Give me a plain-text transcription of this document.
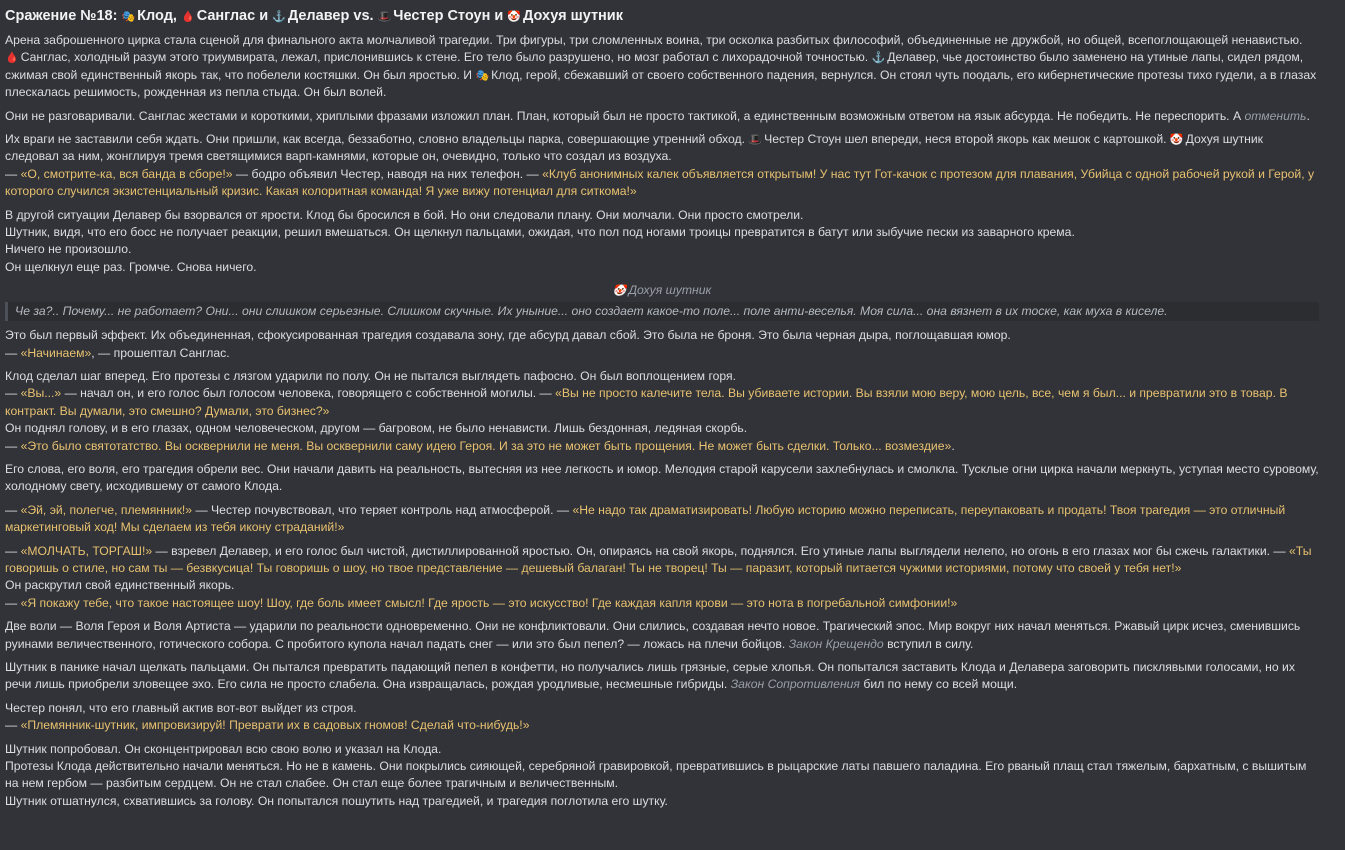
Сражение №18: 🎭 Клод, 🩸 Санглас и ⚓ Делавер vs. 🎩 Честер Стоун и 🤡 Дохуя шутник
Арена заброшенного цирка стала сценой для финального акта молчаливой трагедии. Три фигуры, три сломленных воина, три осколка разбитых философий, объединенные не дружбой, но общей, всепоглощающей ненавистью. 🩸 Санглас, холодный разум этого триумвирата, лежал, прислонившись к стене. Его тело было разрушено, но мозг работал с лихорадочной точностью. ⚓ Делавер, чье достоинство было заменено на утиные лапы, сидел рядом, сжимая свой единственный якорь так, что побелели костяшки. Он был яростью. И 🎭 Клод, герой, сбежавший от своего собственного падения, вернулся. Он стоял чуть поодаль, его кибернетические протезы тихо гудели, а в глазах плескалась решимость, рожденная из пепла стыда. Он был волей.
Они не разговаривали. Санглас жестами и короткими, хриплыми фразами изложил план. План, который был не просто тактикой, а единственным возможным ответом на язык абсурда. Не победить. Не переспорить. А отменить.
Их враги не заставили себя ждать. Они пришли, как всегда, беззаботно, словно владельцы парка, совершающие утренний обход. 🎩 Честер Стоун шел впереди, неся второй якорь как мешок с картошкой. 🤡 Дохуя шутник следовал за ним, жонглируя тремя светящимися варп-камнями, которые он, очевидно, только что создал из воздуха.
— «О, смотрите-ка, вся банда в сборе!» — бодро объявил Честер, наводя на них телефон. — «Клуб анонимных калек объявляется открытым! У нас тут Гот-качок с протезом для плавания, Убийца с одной рабочей рукой и Герой, у которого случился экзистенциальный кризис. Какая колоритная команда! Я уже вижу потенциал для ситкома!»
В другой ситуации Делавер бы взорвался от ярости. Клод бы бросился в бой. Но они следовали плану. Они молчали. Они просто смотрели.
Шутник, видя, что его босс не получает реакции, решил вмешаться. Он щелкнул пальцами, ожидая, что пол под ногами троицы превратится в батут или зыбучие пески из заварного крема.
Ничего не произошло.
Он щелкнул еще раз. Громче. Снова ничего.
🤡 Дохуя шутник
Че за?.. Почему... не работает? Они... они слишком серьезные. Слишком скучные. Их уныние... оно создает какое-то поле... поле анти-веселья. Моя сила... она вязнет в их тоске, как муха в киселе.
Это был первый эффект. Их объединенная, сфокусированная трагедия создавала зону, где абсурд давал сбой. Это была не броня. Это была черная дыра, поглощавшая юмор.
— «Начинаем», — прошептал Санглас.
Клод сделал шаг вперед. Его протезы с лязгом ударили по полу. Он не пытался выглядеть пафосно. Он был воплощением горя.
— «Вы...» — начал он, и его голос был голосом человека, говорящего с собственной могилы. — «Вы не просто калечите тела. Вы убиваете истории. Вы взяли мою веру, мою цель, все, чем я был... и превратили это в товар. В контракт. Вы думали, это смешно? Думали, это бизнес?»
Он поднял голову, и в его глазах, одном человеческом, другом — багровом, не было ненависти. Лишь бездонная, ледяная скорбь.
— «Это было святотатство. Вы осквернили не меня. Вы осквернили саму идею Героя. И за это не может быть прощения. Не может быть сделки. Только... возмездие».
Его слова, его воля, его трагедия обрели вес. Они начали давить на реальность, вытесняя из нее легкость и юмор. Мелодия старой карусели захлебнулась и смолкла. Тусклые огни цирка начали меркнуть, уступая место суровому, холодному свету, исходившему от самого Клода.
— «Эй, эй, полегче, племянник!» — Честер почувствовал, что теряет контроль над атмосферой. — «Не надо так драматизировать! Любую историю можно переписать, переупаковать и продать! Твоя трагедия — это отличный маркетинговый ход! Мы сделаем из тебя икону страданий!»
— «МОЛЧАТЬ, ТОРГАШ!» — взревел Делавер, и его голос был чистой, дистиллированной яростью. Он, опираясь на свой якорь, поднялся. Его утиные лапы выглядели нелепо, но огонь в его глазах мог бы сжечь галактики. — «Ты говоришь о стиле, но сам ты — безвкусица! Ты говоришь о шоу, но твое представление — дешевый балаган! Ты не творец! Ты — паразит, который питается чужими историями, потому что своей у тебя нет!»
Он раскрутил свой единственный якорь.
— «Я покажу тебе, что такое настоящее шоу! Шоу, где боль имеет смысл! Где ярость — это искусство! Где каждая капля крови — это нота в погребальной симфонии!»
Две воли — Воля Героя и Воля Артиста — ударили по реальности одновременно. Они не конфликтовали. Они слились, создавая нечто новое. Трагический эпос. Мир вокруг них начал меняться. Ржавый цирк исчез, сменившись руинами величественного, готического собора. С пробитого купола начал падать снег — или это был пепел? — ложась на плечи бойцов. Закон Крещендо вступил в силу.
Шутник в панике начал щелкать пальцами. Он пытался превратить падающий пепел в конфетти, но получались лишь грязные, серые хлопья. Он попытался заставить Клода и Делавера заговорить писклявыми голосами, но их речи лишь приобрели зловещее эхо. Его сила не просто слабела. Она извращалась, рождая уродливые, несмешные гибриды. Закон Сопротивления бил по нему со всей мощи.
Честер понял, что его главный актив вот-вот выйдет из строя.
— «Племянник-шутник, импровизируй! Преврати их в садовых гномов! Сделай что-нибудь!»
Шутник попробовал. Он сконцентрировал всю свою волю и указал на Клода.
Протезы Клода действительно начали меняться. Но не в камень. Они покрылись сияющей, серебряной гравировкой, превратившись в рыцарские латы павшего паладина. Его рваный плащ стал тяжелым, бархатным, с вышитым на нем гербом — разбитым сердцем. Он не стал слабее. Он стал еще более трагичным и величественным.
Шутник отшатнулся, схватившись за голову. Он попытался пошутить над трагедией, и трагедия поглотила его шутку.
